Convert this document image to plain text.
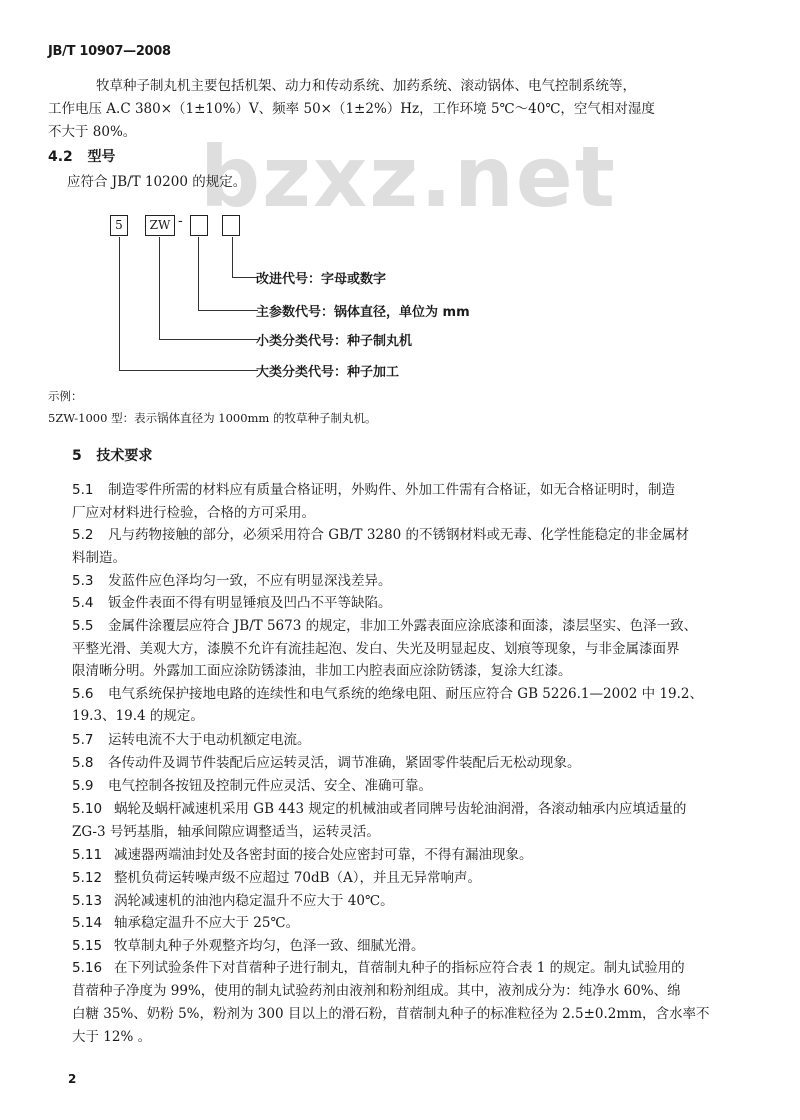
JB/T 10907—2008
bzxz.net
牧草种子制丸机主要包括机架、动力和传动系统、加药系统、滚动锅体、电气控制系统等，
工作电压 A.C 380×（1±10%）V、频率 50×（1±2%）Hz，工作环境 5℃～40℃，空气相对湿度
不大于 80%。
4.2 型号
应符合 JB/T 10200 的规定。
5	ZW -
改进代号：字母或数字
主参数代号：锅体直径，单位为 mm
小类分类代号：种子制丸机
大类分类代号：种子加工
示例：
5ZW-1000 型：表示锅体直径为 1000mm 的牧草种子制丸机。
5 技术要求
5.1 制造零件所需的材料应有质量合格证明，外购件、外加工件需有合格证，如无合格证明时，制造
厂应对材料进行检验，合格的方可采用。
5.2 凡与药物接触的部分，必须采用符合 GB/T 3280 的不锈钢材料或无毒、化学性能稳定的非金属材
料制造。
5.3 发蓝件应色泽均匀一致，不应有明显深浅差异。
5.4 钣金件表面不得有明显锤痕及凹凸不平等缺陷。
5.5 金属件涂覆层应符合 JB/T 5673 的规定，非加工外露表面应涂底漆和面漆，漆层坚实、色泽一致、
平整光滑、美观大方，漆膜不允许有流挂起泡、发白、失光及明显起皮、划痕等现象，与非金属漆面界
限清晰分明。外露加工面应涂防锈漆油，非加工内腔表面应涂防锈漆，复涂大红漆。
5.6 电气系统保护接地电路的连续性和电气系统的绝缘电阻、耐压应符合 GB 5226.1—2002 中 19.2、
19.3、19.4 的规定。
5.7 运转电流不大于电动机额定电流。
5.8 各传动件及调节件装配后应运转灵活，调节准确，紧固零件装配后无松动现象。
5.9 电气控制各按钮及控制元件应灵活、安全、准确可靠。
5.10 蜗轮及蜗杆减速机采用 GB 443 规定的机械油或者同牌号齿轮油润滑，各滚动轴承内应填适量的
ZG-3 号钙基脂，轴承间隙应调整适当，运转灵活。
5.11 减速器两端油封处及各密封面的接合处应密封可靠，不得有漏油现象。
5.12 整机负荷运转噪声级不应超过 70dB（A），并且无异常响声。
5.13 涡轮减速机的油池内稳定温升不应大于 40℃。
5.14 轴承稳定温升不应大于 25℃。
5.15 牧草制丸种子外观整齐均匀，色泽一致、细腻光滑。
5.16 在下列试验条件下对苜蓿种子进行制丸，苜蓿制丸种子的指标应符合表 1 的规定。制丸试验用的
苜蓿种子净度为 99%，使用的制丸试验药剂由液剂和粉剂组成。其中，液剂成分为：纯净水 60%、绵
白糖 35%、奶粉 5%，粉剂为 300 目以上的滑石粉，苜蓿制丸种子的标准粒径为 2.5±0.2mm，含水率不
大于 12% 。
2
